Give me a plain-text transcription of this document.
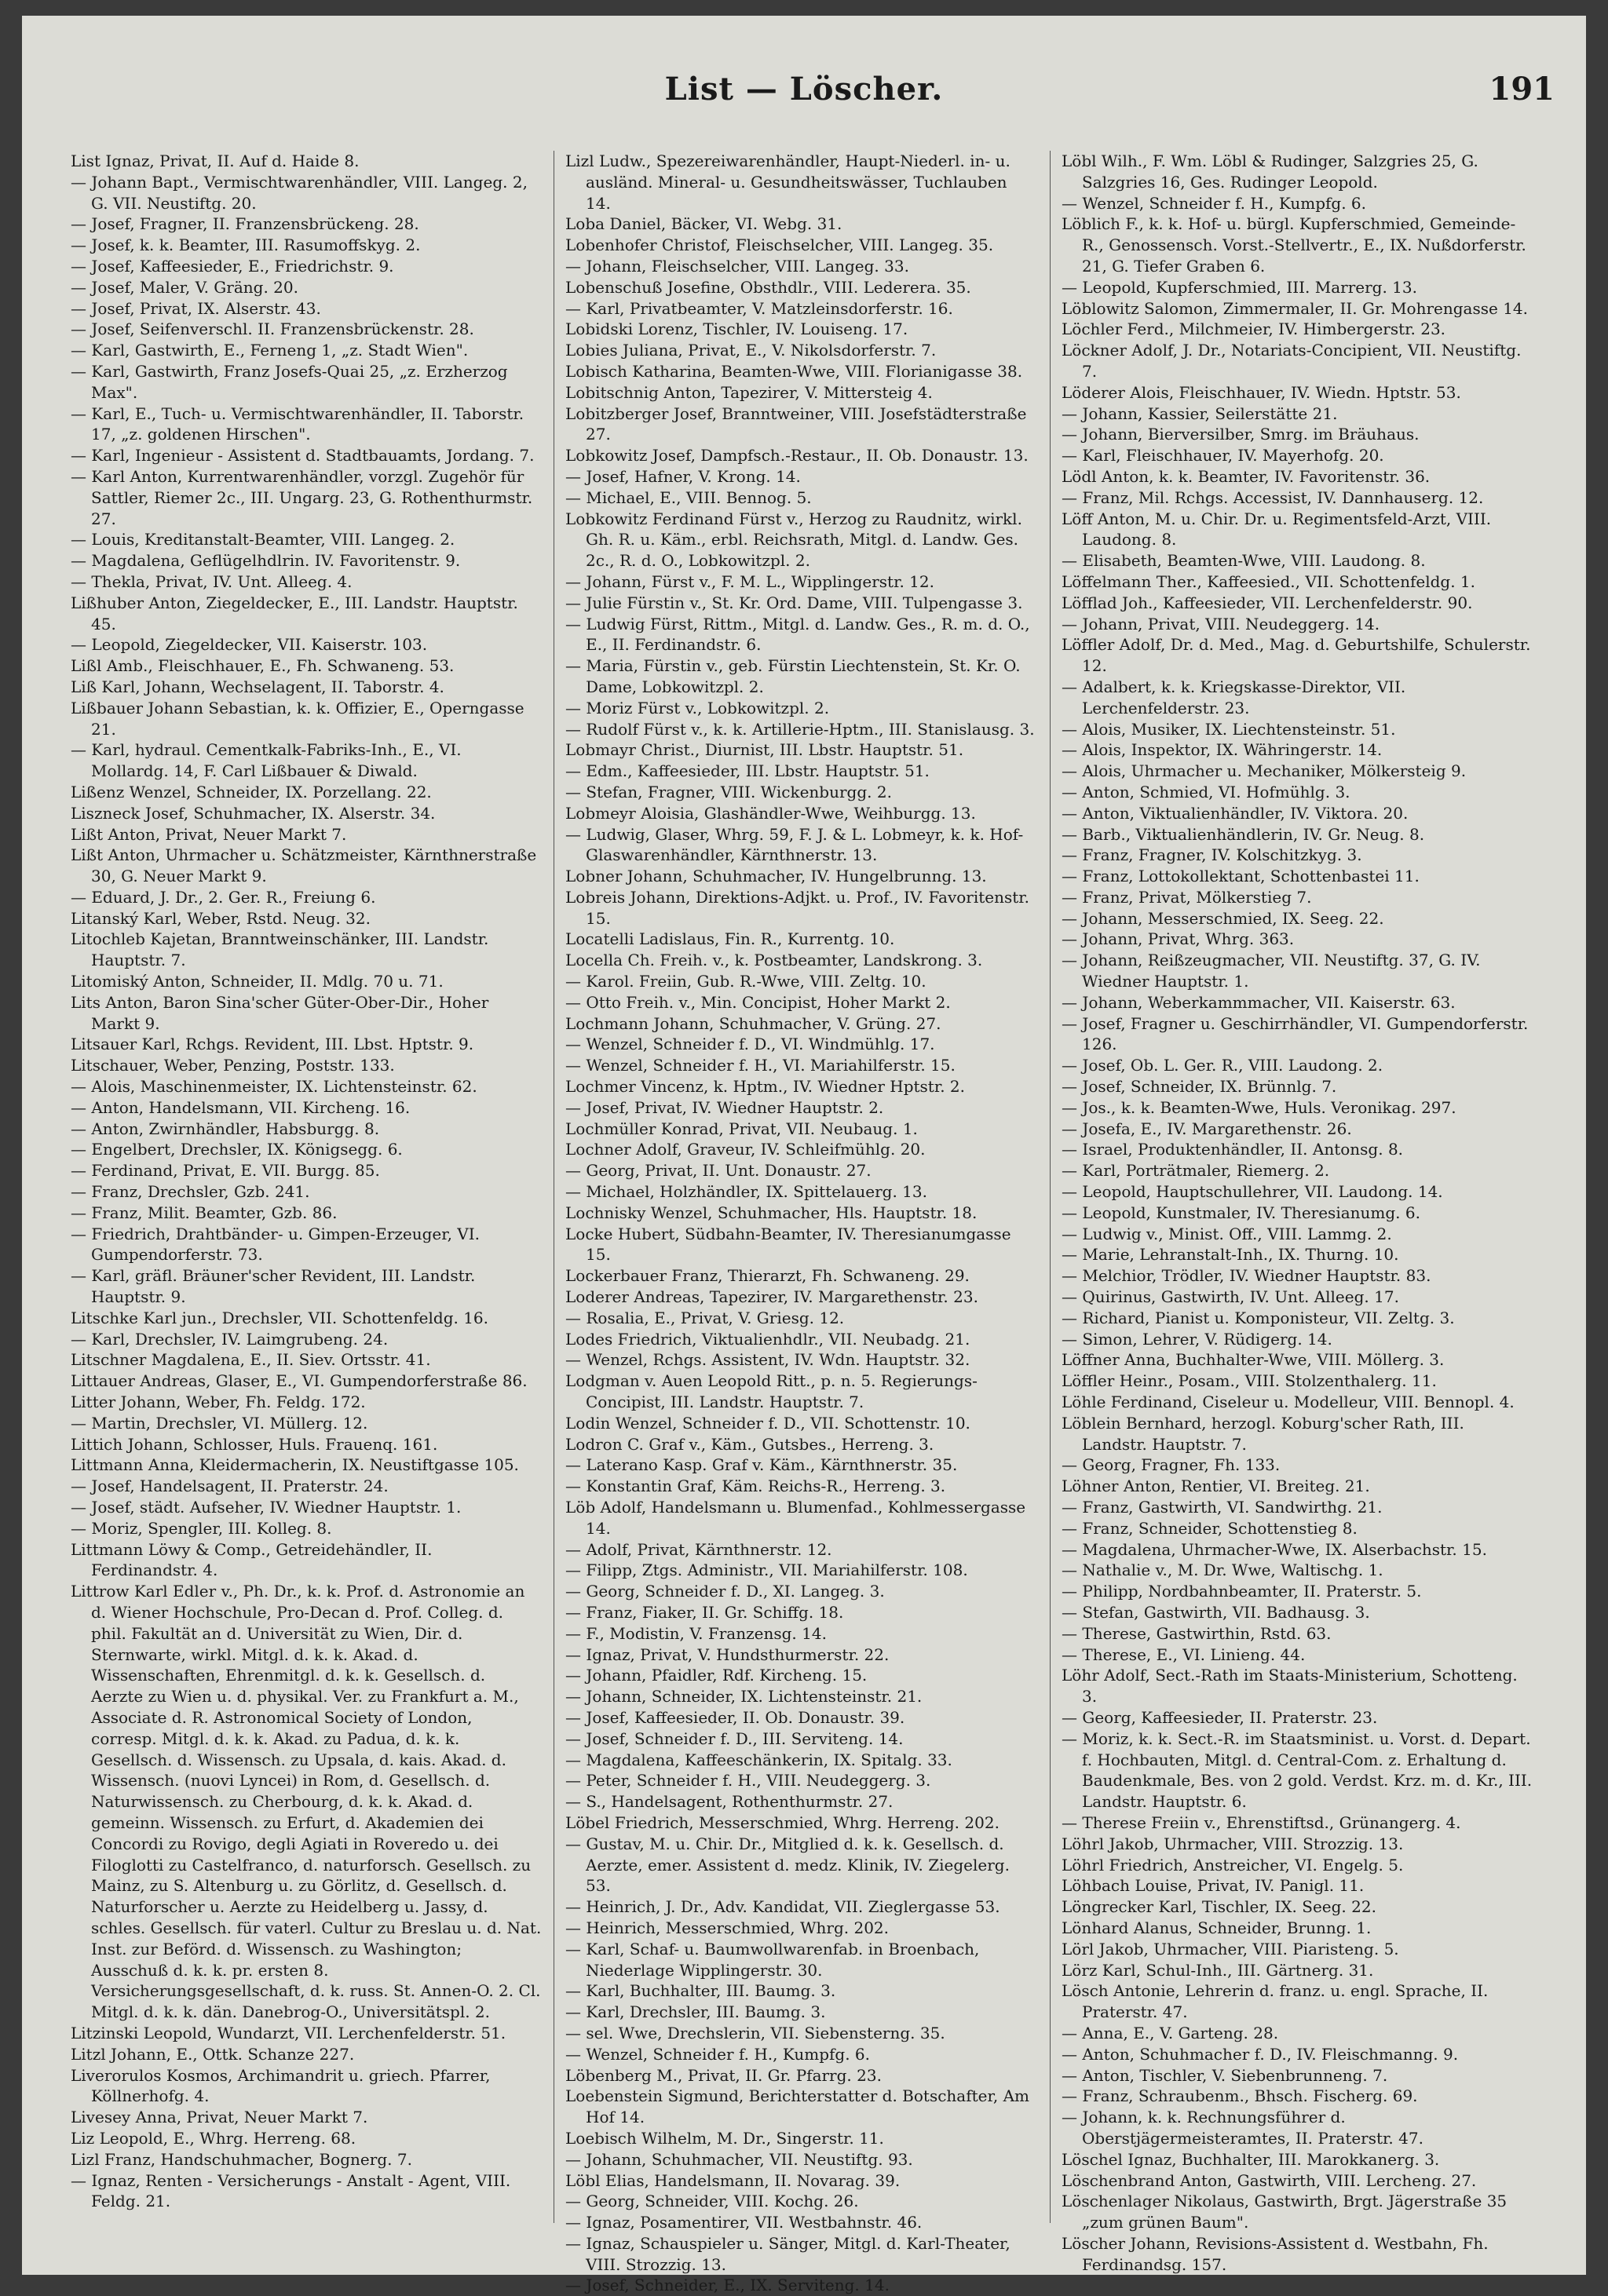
List — Löscher.	191

List Ignaz, Privat, II. Auf d. Haide 8.

— Johann Bapt., Vermischtwarenhändler, VIII. Langeg. 2, G. VII. Neustiftg. 20.

— Josef, Fragner, II. Franzensbrückeng. 28.

— Josef, k. k. Beamter, III. Rasumoffskyg. 2.

— Josef, Kaffeesieder, E., Friedrichstr. 9.

— Josef, Maler, V. Gräng. 20.

— Josef, Privat, IX. Alserstr. 43.

— Josef, Seifenverschl. II. Franzensbrückenstr. 28.

— Karl, Gastwirth, E., Ferneng 1, „z. Stadt Wien".

— Karl, Gastwirth, Franz Josefs-Quai 25, „z. Erzherzog Max".

— Karl, E., Tuch- u. Vermischtwarenhändler, II. Taborstr. 17, „z. goldenen Hirschen".

— Karl, Ingenieur - Assistent d. Stadtbauamts, Jordang. 7.

— Karl Anton, Kurrentwarenhändler, vorzgl. Zugehör für Sattler, Riemer 2c., III. Ungarg. 23, G. Rothenthurmstr. 27.

— Louis, Kreditanstalt-Beamter, VIII. Langeg. 2.

— Magdalena, Geflügelhdlrin. IV. Favoritenstr. 9.

— Thekla, Privat, IV. Unt. Alleeg. 4.

Lißhuber Anton, Ziegeldecker, E., III. Landstr. Hauptstr. 45.

— Leopold, Ziegeldecker, VII. Kaiserstr. 103.

Lißl Amb., Fleischhauer, E., Fh. Schwaneng. 53.

Liß Karl, Johann, Wechselagent, II. Taborstr. 4.

Lißbauer Johann Sebastian, k. k. Offizier, E., Operngasse 21.

— Karl, hydraul. Cementkalk-Fabriks-Inh., E., VI. Mollardg. 14, F. Carl Lißbauer & Diwald.

Lißenz Wenzel, Schneider, IX. Porzellang. 22.

Liszneck Josef, Schuhmacher, IX. Alserstr. 34.

Lißt Anton, Privat, Neuer Markt 7.

Lißt Anton, Uhrmacher u. Schätzmeister, Kärnthnerstraße 30, G. Neuer Markt 9.

— Eduard, J. Dr., 2. Ger. R., Freiung 6.

Litanský Karl, Weber, Rstd. Neug. 32.

Litochleb Kajetan, Branntweinschänker, III. Landstr. Hauptstr. 7.

Litomiský Anton, Schneider, II. Mdlg. 70 u. 71.

Lits Anton, Baron Sina'scher Güter-Ober-Dir., Hoher Markt 9.

Litsauer Karl, Rchgs. Revident, III. Lbst. Hptstr. 9.

Litschauer, Weber, Penzing, Poststr. 133.

— Alois, Maschinenmeister, IX. Lichtensteinstr. 62.

— Anton, Handelsmann, VII. Kircheng. 16.

— Anton, Zwirnhändler, Habsburgg. 8.

— Engelbert, Drechsler, IX. Königsegg. 6.

— Ferdinand, Privat, E. VII. Burgg. 85.

— Franz, Drechsler, Gzb. 241.

— Franz, Milit. Beamter, Gzb. 86.

— Friedrich, Drahtbänder- u. Gimpen-Erzeuger, VI. Gumpendorferstr. 73.

— Karl, gräfl. Bräuner'scher Revident, III. Landstr. Hauptstr. 9.

Litschke Karl jun., Drechsler, VII. Schottenfeldg. 16.

— Karl, Drechsler, IV. Laimgrubeng. 24.

Litschner Magdalena, E., II. Siev. Ortsstr. 41.

Littauer Andreas, Glaser, E., VI. Gumpendorferstraße 86.

Litter Johann, Weber, Fh. Feldg. 172.

— Martin, Drechsler, VI. Müllerg. 12.

Littich Johann, Schlosser, Huls. Frauenq. 161.

Littmann Anna, Kleidermacherin, IX. Neustiftgasse 105.

— Josef, Handelsagent, II. Praterstr. 24.

— Josef, städt. Aufseher, IV. Wiedner Hauptstr. 1.

— Moriz, Spengler, III. Kolleg. 8.

Littmann Löwy & Comp., Getreidehändler, II. Ferdinandstr. 4.

Littrow Karl Edler v., Ph. Dr., k. k. Prof. d. Astronomie an d. Wiener Hochschule, Pro-Decan d. Prof. Colleg. d. phil. Fakultät an d. Universität zu Wien, Dir. d. Sternwarte, wirkl. Mitgl. d. k. k. Akad. d. Wissenschaften, Ehrenmitgl. d. k. k. Gesellsch. d. Aerzte zu Wien u. d. physikal. Ver. zu Frankfurt a. M., Associate d. R. Astronomical Society of London, corresp. Mitgl. d. k. k. Akad. zu Padua, d. k. k. Gesellsch. d. Wissensch. zu Upsala, d. kais. Akad. d. Wissensch. (nuovi Lyncei) in Rom, d. Gesellsch. d. Naturwissensch. zu Cherbourg, d. k. k. Akad. d. gemeinn. Wissensch. zu Erfurt, d. Akademien dei Concordi zu Rovigo, degli Agiati in Roveredo u. dei Filoglotti zu Castelfranco, d. naturforsch. Gesellsch. zu Mainz, zu S. Altenburg u. zu Görlitz, d. Gesellsch. d. Naturforscher u. Aerzte zu Heidelberg u. Jassy, d. schles. Gesellsch. für vaterl. Cultur zu Breslau u. d. Nat. Inst. zur Beförd. d. Wissensch. zu Washington; Ausschuß d. k. k. pr. ersten 8. Versicherungsgesellschaft, d. k. russ. St. Annen-O. 2. Cl. Mitgl. d. k. k. dän. Danebrog-O., Universitätspl. 2.

Litzinski Leopold, Wundarzt, VII. Lerchenfelderstr. 51.

Litzl Johann, E., Ottk. Schanze 227.

Liverorulos Kosmos, Archimandrit u. griech. Pfarrer, Köllnerhofg. 4.

Livesey Anna, Privat, Neuer Markt 7.

Liz Leopold, E., Whrg. Herreng. 68.

Lizl Franz, Handschuhmacher, Bognerg. 7.

— Ignaz, Renten - Versicherungs - Anstalt - Agent, VIII. Feldg. 21.

Lizl Ludw., Spezereiwarenhändler, Haupt-Niederl. in- u. ausländ. Mineral- u. Gesundheitswässer, Tuchlauben 14.

Loba Daniel, Bäcker, VI. Webg. 31.

Lobenhofer Christof, Fleischselcher, VIII. Langeg. 35.

— Johann, Fleischselcher, VIII. Langeg. 33.

Lobenschuß Josefine, Obsthdlr., VIII. Lederera. 35.

— Karl, Privatbeamter, V. Matzleinsdorferstr. 16.

Lobidski Lorenz, Tischler, IV. Louiseng. 17.

Lobies Juliana, Privat, E., V. Nikolsdorferstr. 7.

Lobisch Katharina, Beamten-Wwe, VIII. Florianigasse 38.

Lobitschnig Anton, Tapezirer, V. Mittersteig 4.

Lobitzberger Josef, Branntweiner, VIII. Josefstädterstraße 27.

Lobkowitz Josef, Dampfsch.-Restaur., II. Ob. Donaustr. 13.

— Josef, Hafner, V. Krong. 14.

— Michael, E., VIII. Bennog. 5.

Lobkowitz Ferdinand Fürst v., Herzog zu Raudnitz, wirkl. Gh. R. u. Käm., erbl. Reichsrath, Mitgl. d. Landw. Ges. 2c., R. d. O., Lobkowitzpl. 2.

— Johann, Fürst v., F. M. L., Wipplingerstr. 12.

— Julie Fürstin v., St. Kr. Ord. Dame, VIII. Tulpengasse 3.

— Ludwig Fürst, Rittm., Mitgl. d. Landw. Ges., R. m. d. O., E., II. Ferdinandstr. 6.

— Maria, Fürstin v., geb. Fürstin Liechtenstein, St. Kr. O. Dame, Lobkowitzpl. 2.

— Moriz Fürst v., Lobkowitzpl. 2.

— Rudolf Fürst v., k. k. Artillerie-Hptm., III. Stanislausg. 3.

Lobmayr Christ., Diurnist, III. Lbstr. Hauptstr. 51.

— Edm., Kaffeesieder, III. Lbstr. Hauptstr. 51.

— Stefan, Fragner, VIII. Wickenburgg. 2.

Lobmeyr Aloisia, Glashändler-Wwe, Weihburgg. 13.

— Ludwig, Glaser, Whrg. 59, F. J. & L. Lobmeyr, k. k. Hof-Glaswarenhändler, Kärnthnerstr. 13.

Lobner Johann, Schuhmacher, IV. Hungelbrunng. 13.

Lobreis Johann, Direktions-Adjkt. u. Prof., IV. Favoritenstr. 15.

Locatelli Ladislaus, Fin. R., Kurrentg. 10.

Locella Ch. Freih. v., k. Postbeamter, Landskrong. 3.

— Karol. Freiin, Gub. R.-Wwe, VIII. Zeltg. 10.

— Otto Freih. v., Min. Concipist, Hoher Markt 2.

Lochmann Johann, Schuhmacher, V. Grüng. 27.

— Wenzel, Schneider f. D., VI. Windmühlg. 17.

— Wenzel, Schneider f. H., VI. Mariahilferstr. 15.

Lochmer Vincenz, k. Hptm., IV. Wiedner Hptstr. 2.

— Josef, Privat, IV. Wiedner Hauptstr. 2.

Lochmüller Konrad, Privat, VII. Neubaug. 1.

Lochner Adolf, Graveur, IV. Schleifmühlg. 20.

— Georg, Privat, II. Unt. Donaustr. 27.

— Michael, Holzhändler, IX. Spittelauerg. 13.

Lochnisky Wenzel, Schuhmacher, Hls. Hauptstr. 18.

Locke Hubert, Südbahn-Beamter, IV. Theresianumgasse 15.

Lockerbauer Franz, Thierarzt, Fh. Schwaneng. 29.

Loderer Andreas, Tapezirer, IV. Margarethenstr. 23.

— Rosalia, E., Privat, V. Griesg. 12.

Lodes Friedrich, Viktualienhdlr., VII. Neubadg. 21.

— Wenzel, Rchgs. Assistent, IV. Wdn. Hauptstr. 32.

Lodgman v. Auen Leopold Ritt., p. n. 5. Regierungs-Concipist, III. Landstr. Hauptstr. 7.

Lodin Wenzel, Schneider f. D., VII. Schottenstr. 10.

Lodron C. Graf v., Käm., Gutsbes., Herreng. 3.

— Laterano Kasp. Graf v. Käm., Kärnthnerstr. 35.

— Konstantin Graf, Käm. Reichs-R., Herreng. 3.

Löb Adolf, Handelsmann u. Blumenfad., Kohlmessergasse 14.

— Adolf, Privat, Kärnthnerstr. 12.

— Filipp, Ztgs. Administr., VII. Mariahilferstr. 108.

— Georg, Schneider f. D., XI. Langeg. 3.

— Franz, Fiaker, II. Gr. Schiffg. 18.

— F., Modistin, V. Franzensg. 14.

— Ignaz, Privat, V. Hundsthurmerstr. 22.

— Johann, Pfaidler, Rdf. Kircheng. 15.

— Johann, Schneider, IX. Lichtensteinstr. 21.

— Josef, Kaffeesieder, II. Ob. Donaustr. 39.

— Josef, Schneider f. D., III. Serviteng. 14.

— Magdalena, Kaffeeschänkerin, IX. Spitalg. 33.

— Peter, Schneider f. H., VIII. Neudeggerg. 3.

— S., Handelsagent, Rothenthurmstr. 27.

Löbel Friedrich, Messerschmied, Whrg. Herreng. 202.

— Gustav, M. u. Chir. Dr., Mitglied d. k. k. Gesellsch. d. Aerzte, emer. Assistent d. medz. Klinik, IV. Ziegelerg. 53.

— Heinrich, J. Dr., Adv. Kandidat, VII. Zieglergasse 53.

— Heinrich, Messerschmied, Whrg. 202.

— Karl, Schaf- u. Baumwollwarenfab. in Broenbach, Niederlage Wipplingerstr. 30.

— Karl, Buchhalter, III. Baumg. 3.

— Karl, Drechsler, III. Baumg. 3.

— sel. Wwe, Drechslerin, VII. Siebensterng. 35.

— Wenzel, Schneider f. H., Kumpfg. 6.

Löbenberg M., Privat, II. Gr. Pfarrg. 23.

Loebenstein Sigmund, Berichterstatter d. Botschafter, Am Hof 14.

Loebisch Wilhelm, M. Dr., Singerstr. 11.

— Johann, Schuhmacher, VII. Neustiftg. 93.

Löbl Elias, Handelsmann, II. Novarag. 39.

— Georg, Schneider, VIII. Kochg. 26.

— Ignaz, Posamentirer, VII. Westbahnstr. 46.

— Ignaz, Schauspieler u. Sänger, Mitgl. d. Karl-Theater, VIII. Strozzig. 13.

— Josef, Schneider, E., IX. Serviteng. 14.

Löbl Wilh., F. Wm. Löbl & Rudinger, Salzgries 25, G. Salzgries 16, Ges. Rudinger Leopold.

— Wenzel, Schneider f. H., Kumpfg. 6.

Löblich F., k. k. Hof- u. bürgl. Kupferschmied, Gemeinde-R., Genossensch. Vorst.-Stellvertr., E., IX. Nußdorferstr. 21, G. Tiefer Graben 6.

— Leopold, Kupferschmied, III. Marrerg. 13.

Löblowitz Salomon, Zimmermaler, II. Gr. Mohrengasse 14.

Löchler Ferd., Milchmeier, IV. Himbergerstr. 23.

Löckner Adolf, J. Dr., Notariats-Concipient, VII. Neustiftg. 7.

Löderer Alois, Fleischhauer, IV. Wiedn. Hptstr. 53.

— Johann, Kassier, Seilerstätte 21.

— Johann, Bierversilber, Smrg. im Bräuhaus.

— Karl, Fleischhauer, IV. Mayerhofg. 20.

Lödl Anton, k. k. Beamter, IV. Favoritenstr. 36.

— Franz, Mil. Rchgs. Accessist, IV. Dannhauserg. 12.

Löff Anton, M. u. Chir. Dr. u. Regimentsfeld-Arzt, VIII. Laudong. 8.

— Elisabeth, Beamten-Wwe, VIII. Laudong. 8.

Löffelmann Ther., Kaffeesied., VII. Schottenfeldg. 1.

Löfflad Joh., Kaffeesieder, VII. Lerchenfelderstr. 90.

— Johann, Privat, VIII. Neudeggerg. 14.

Löffler Adolf, Dr. d. Med., Mag. d. Geburtshilfe, Schulerstr. 12.

— Adalbert, k. k. Kriegskasse-Direktor, VII. Lerchenfelderstr. 23.

— Alois, Musiker, IX. Liechtensteinstr. 51.

— Alois, Inspektor, IX. Währingerstr. 14.

— Alois, Uhrmacher u. Mechaniker, Mölkersteig 9.

— Anton, Schmied, VI. Hofmühlg. 3.

— Anton, Viktualienhändler, IV. Viktora. 20.

— Barb., Viktualienhändlerin, IV. Gr. Neug. 8.

— Franz, Fragner, IV. Kolschitzkyg. 3.

— Franz, Lottokollektant, Schottenbastei 11.

— Franz, Privat, Mölkerstieg 7.

— Johann, Messerschmied, IX. Seeg. 22.

— Johann, Privat, Whrg. 363.

— Johann, Reißzeugmacher, VII. Neustiftg. 37, G. IV. Wiedner Hauptstr. 1.

— Johann, Weberkammmacher, VII. Kaiserstr. 63.

— Josef, Fragner u. Geschirrhändler, VI. Gumpendorferstr. 126.

— Josef, Ob. L. Ger. R., VIII. Laudong. 2.

— Josef, Schneider, IX. Brünnlg. 7.

— Jos., k. k. Beamten-Wwe, Huls. Veronikag. 297.

— Josefa, E., IV. Margarethenstr. 26.

— Israel, Produktenhändler, II. Antonsg. 8.

— Karl, Porträtmaler, Riemerg. 2.

— Leopold, Hauptschullehrer, VII. Laudong. 14.

— Leopold, Kunstmaler, IV. Theresianumg. 6.

— Ludwig v., Minist. Off., VIII. Lammg. 2.

— Marie, Lehranstalt-Inh., IX. Thurng. 10.

— Melchior, Trödler, IV. Wiedner Hauptstr. 83.

— Quirinus, Gastwirth, IV. Unt. Alleeg. 17.

— Richard, Pianist u. Komponisteur, VII. Zeltg. 3.

— Simon, Lehrer, V. Rüdigerg. 14.

Löffner Anna, Buchhalter-Wwe, VIII. Möllerg. 3.

Löffler Heinr., Posam., VIII. Stolzenthalerg. 11.

Löhle Ferdinand, Ciseleur u. Modelleur, VIII. Bennopl. 4.

Löblein Bernhard, herzogl. Koburg'scher Rath, III. Landstr. Hauptstr. 7.

— Georg, Fragner, Fh. 133.

Löhner Anton, Rentier, VI. Breiteg. 21.

— Franz, Gastwirth, VI. Sandwirthg. 21.

— Franz, Schneider, Schottenstieg 8.

— Magdalena, Uhrmacher-Wwe, IX. Alserbachstr. 15.

— Nathalie v., M. Dr. Wwe, Waltischg. 1.

— Philipp, Nordbahnbeamter, II. Praterstr. 5.

— Stefan, Gastwirth, VII. Badhausg. 3.

— Therese, Gastwirthin, Rstd. 63.

— Therese, E., VI. Linieng. 44.

Löhr Adolf, Sect.-Rath im Staats-Ministerium, Schotteng. 3.

— Georg, Kaffeesieder, II. Praterstr. 23.

— Moriz, k. k. Sect.-R. im Staatsminist. u. Vorst. d. Depart. f. Hochbauten, Mitgl. d. Central-Com. z. Erhaltung d. Baudenkmale, Bes. von 2 gold. Verdst. Krz. m. d. Kr., III. Landstr. Hauptstr. 6.

— Therese Freiin v., Ehrenstiftsd., Grünangerg. 4.

Löhrl Jakob, Uhrmacher, VIII. Strozzig. 13.

Löhrl Friedrich, Anstreicher, VI. Engelg. 5.

Löhbach Louise, Privat, IV. Panigl. 11.

Löngrecker Karl, Tischler, IX. Seeg. 22.

Lönhard Alanus, Schneider, Brunng. 1.

Lörl Jakob, Uhrmacher, VIII. Piaristeng. 5.

Lörz Karl, Schul-Inh., III. Gärtnerg. 31.

Lösch Antonie, Lehrerin d. franz. u. engl. Sprache, II. Praterstr. 47.

— Anna, E., V. Garteng. 28.

— Anton, Schuhmacher f. D., IV. Fleischmanng. 9.

— Anton, Tischler, V. Siebenbrunneng. 7.

— Franz, Schraubenm., Bhsch. Fischerg. 69.

— Johann, k. k. Rechnungsführer d. Oberstjägermeisteramtes, II. Praterstr. 47.

Löschel Ignaz, Buchhalter, III. Marokkanerg. 3.

Löschenbrand Anton, Gastwirth, VIII. Lercheng. 27.

Löschenlager Nikolaus, Gastwirth, Brgt. Jägerstraße 35 „zum grünen Baum".

Löscher Johann, Revisions-Assistent d. Westbahn, Fh. Ferdinandsg. 157.
